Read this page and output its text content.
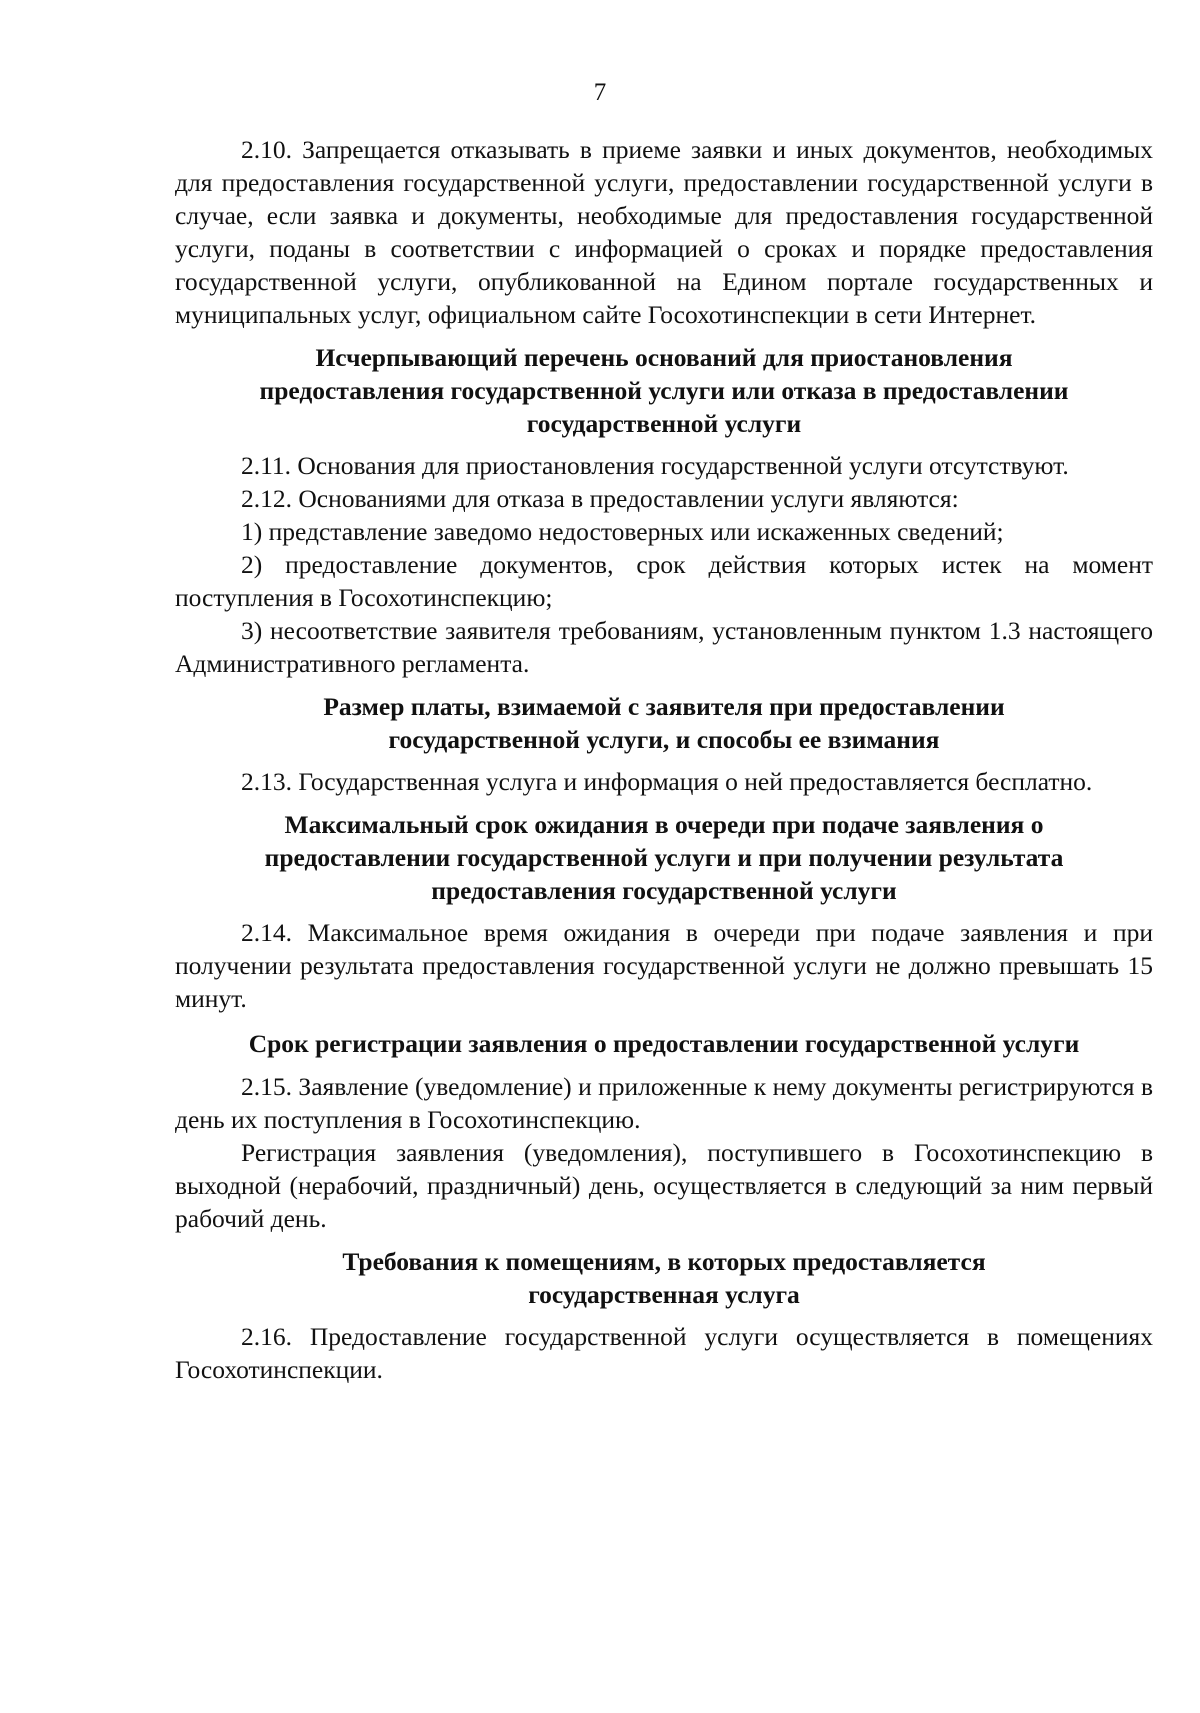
7

2.10. Запрещается отказывать в приеме заявки и иных документов, необходимых для предоставления государственной услуги, предоставлении государственной услуги в случае, если заявка и документы, необходимые для предоставления государственной услуги, поданы в соответствии с информацией о сроках и порядке предоставления государственной услуги, опубликованной на Едином портале государственных и муниципальных услуг, официальном сайте Госохотинспекции в сети Интернет.

Исчерпывающий перечень оснований для приостановления
предоставления государственной услуги или отказа в предоставлении
государственной услуги

2.11. Основания для приостановления государственной услуги отсутствуют.

2.12. Основаниями для отказа в предоставлении услуги являются:

1) представление заведомо недостоверных или искаженных сведений;

2) предоставление документов, срок действия которых истек на момент поступления в Госохотинспекцию;

3) несоответствие заявителя требованиям, установленным пунктом 1.3 настоящего Административного регламента.

Размер платы, взимаемой с заявителя при предоставлении
государственной услуги, и способы ее взимания

2.13. Государственная услуга и информация о ней предоставляется бесплатно.

Максимальный срок ожидания в очереди при подаче заявления о
предоставлении государственной услуги и при получении результата
предоставления государственной услуги

2.14. Максимальное время ожидания в очереди при подаче заявления и при получении результата предоставления государственной услуги не должно превышать 15 минут.

Срок регистрации заявления о предоставлении государственной услуги

2.15. Заявление (уведомление) и приложенные к нему документы регистрируются в день их поступления в Госохотинспекцию.

Регистрация заявления (уведомления), поступившего в Госохотинспекцию в выходной (нерабочий, праздничный) день, осуществляется в следующий за ним первый рабочий день.

Требования к помещениям, в которых предоставляется
государственная услуга

2.16. Предоставление государственной услуги осуществляется в помещениях Госохотинспекции.
